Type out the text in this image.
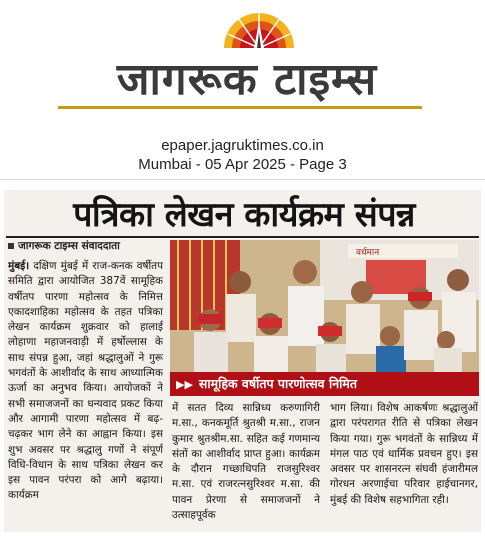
जागरूक टाइम्स
epaper.jagruktimes.co.in
Mumbai - 05 Apr 2025 - Page 3
पत्रिका लेखन कार्यक्रम संपन्न
जागरूक टाइम्स संवाददाता
मुंबई। दक्षिण मुंबई में राज-कनक वर्षीतप समिति द्वारा आयोजित 387वें सामूहिक वर्षीतप पारणा महोत्सव के निमित्त एकादशाहिका महोत्सव के तहत पत्रिका लेखन कार्यक्रम शुक्रवार को हालाई लोहाणा महाजनवाड़ी में हर्षोल्लास के साथ संपन्न हुआ, जहां श्रद्धालुओं ने गुरू भगवंतों के आशीर्वाद के साथ आध्यात्मिक ऊर्जा का अनुभव किया। आयोजकों ने सभी समाजजनों का धन्यवाद प्रकट किया और आगामी पारणा महोत्सव में बढ़-चढ़कर भाग लेने का आह्वान किया। इस शुभ अवसर पर श्रद्धालु गणों ने संपूर्ण विधि-विधान के साथ पत्रिका लेखन कर इस पावन परंपरा को आगे बढ़ाया। कार्यक्रम
वर्धमान
▶▶ सामूहिक वर्षीतप पारणोत्सव निमित
में सतत दिव्य सान्निध्य करुणागिरी म.सा., कनकमूर्ति श्रुतश्री म.सा., राजन कुमार श्रुतश्रीम.सा. सहित कई गणमान्य संतों का आशीर्वाद प्राप्त हुआ। कार्यक्रम के दौरान गच्छाधिपति राजसुरिश्वर म.सा. एवं राजरत्नसुरिश्वर म.सा. की पावन प्रेरणा से समाजजनों ने उत्साहपूर्वक
भाग लिया। विशेष आकर्षणः श्रद्धालुओं द्वारा परंपरागत रीति से पत्रिका लेखन किया गया। गुरू भगवंतों के सान्निध्य में मंगल पाठ एवं धार्मिक प्रवचन हुए। इस अवसर पर शासनरत्न संघवी हंजारीमल गोरधन अरणाईचा परिवार हाईचानगर, मुंबई की विशेष सहभागिता रही।
